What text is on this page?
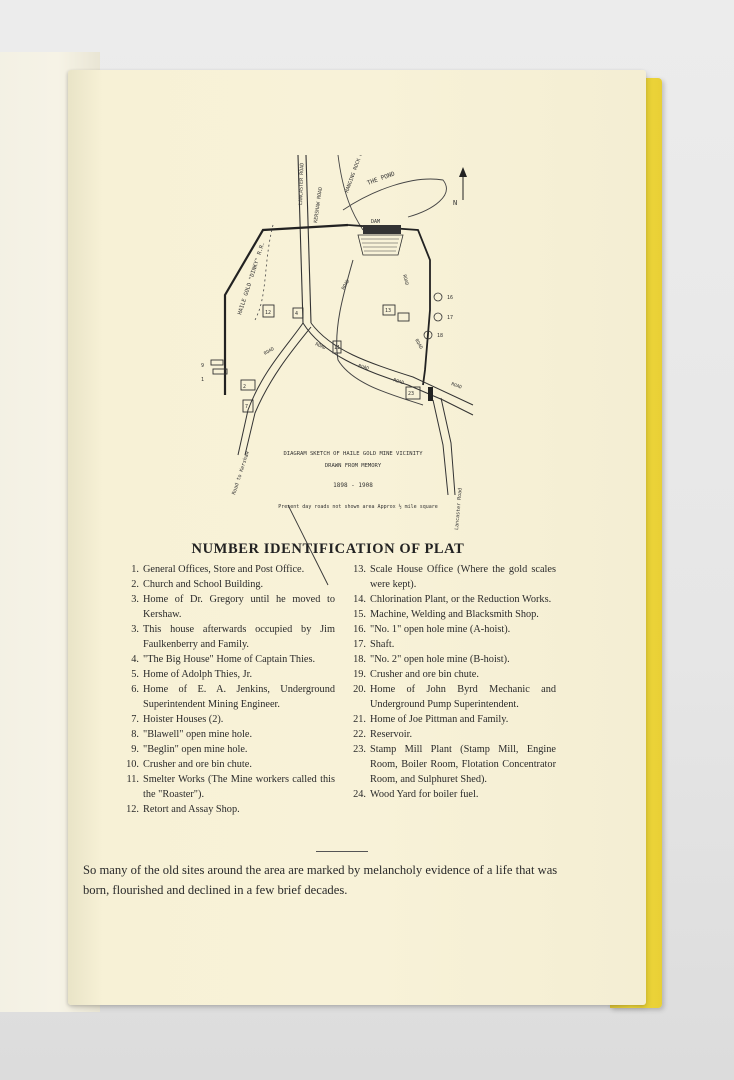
N
THE POND
DAM
KERSHAW ROAD
LANCASTER ROAD
HAILE GOLD "DINKY" R.R.
HANGING ROCK ROAD
ROAD
ROAD
ROAD
ROAD	ROAD
ROAD	ROAD
ROAD
12	4
2
7
11
13
23
16
17
18
9
1
DIAGRAM SKETCH OF HAILE GOLD MINE VICINITY
DRAWN FROM MEMORY
1898 - 1908
Present day roads not shown area Approx ½ mile square
Road to Kershaw
Lancaster Road
NUMBER IDENTIFICATION OF PLAT
1. General Offices, Store and Post Office.
2. Church and School Building.
3. Home of Dr. Gregory until he moved to Kershaw.
3. This house afterwards occupied by Jim Faulkenberry and Family.
4. "The Big House" Home of Captain Thies.
5. Home of Adolph Thies, Jr.
6. Home of E. A. Jenkins, Underground Superintendent Mining Engineer.
7. Hoister Houses (2).
8. "Blawell" open mine hole.
9. "Beglin" open mine hole.
10. Crusher and ore bin chute.
11. Smelter Works (The Mine workers called this the "Roaster").
12. Retort and Assay Shop.
13. Scale House Office (Where the gold scales were kept).
14. Chlorination Plant, or the Reduction Works.
15. Machine, Welding and Blacksmith Shop.
16. "No. 1" open hole mine (A-hoist).
17. Shaft.
18. "No. 2" open hole mine (B-hoist).
19. Crusher and ore bin chute.
20. Home of John Byrd Mechanic and Underground Pump Superintendent.
21. Home of Joe Pittman and Family.
22. Reservoir.
23. Stamp Mill Plant (Stamp Mill, Engine Room, Boiler Room, Flotation Concentrator Room, and Sulphuret Shed).
24. Wood Yard for boiler fuel.

So many of the old sites around the area are marked by melancholy evidence of a life that was born, flourished and declined in a few brief decades.
